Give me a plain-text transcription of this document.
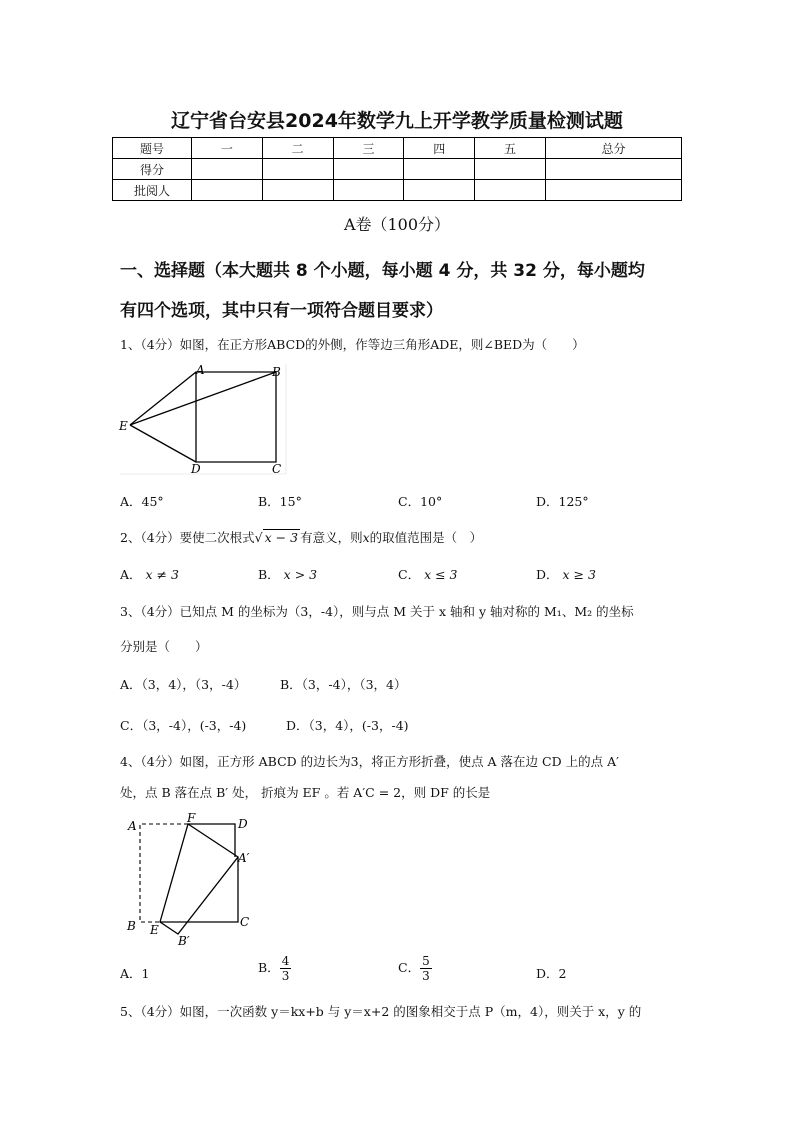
辽宁省台安县2024年数学九上开学教学质量检测试题
题号	一	二	三	四	五	总分
得分						
批阅人						
A卷（100分）
一、选择题（本大题共 8 个小题，每小题 4 分，共 32 分，每小题均
有四个选项，其中只有一项符合题目要求）
1、（4分）如图，在正方形ABCD的外侧，作等边三角形ADE，则∠BED为（　　）
A	B
E
D	C
A．45°	B．15°	C．10°	D．125°
2、（4分）要使二次根式√ x − 3 有意义，则x的取值范围是（　）
A． x ≠ 3	B． x > 3	C． x ≤ 3	D． x ≥ 3
3、（4分）已知点 M 的坐标为（3，-4），则与点 M 关于 x 轴和 y 轴对称的 M₁、M₂ 的坐标
分别是（　　）
A．（3，4），（3，-4）	B．（3，-4），（3，4）
C．（3，-4），(-3，-4)	D．（3，4），(-3，-4)
4、（4分）如图，正方形 ABCD 的边长为3，将正方形折叠，使点 A 落在边 CD 上的点 A′
处，点 B 落在点 B′ 处， 折痕为 EF 。若 A′C = 2，则 DF 的长是
A
F	D
A′
B E
B′
C
A．1	B． $\frac{4}{3}$	C． $\frac{5}{3}$	D．2
5、（4分）如图，一次函数 y＝kx+b 与 y＝x+2 的图象相交于点 P（m，4），则关于 x，y 的
